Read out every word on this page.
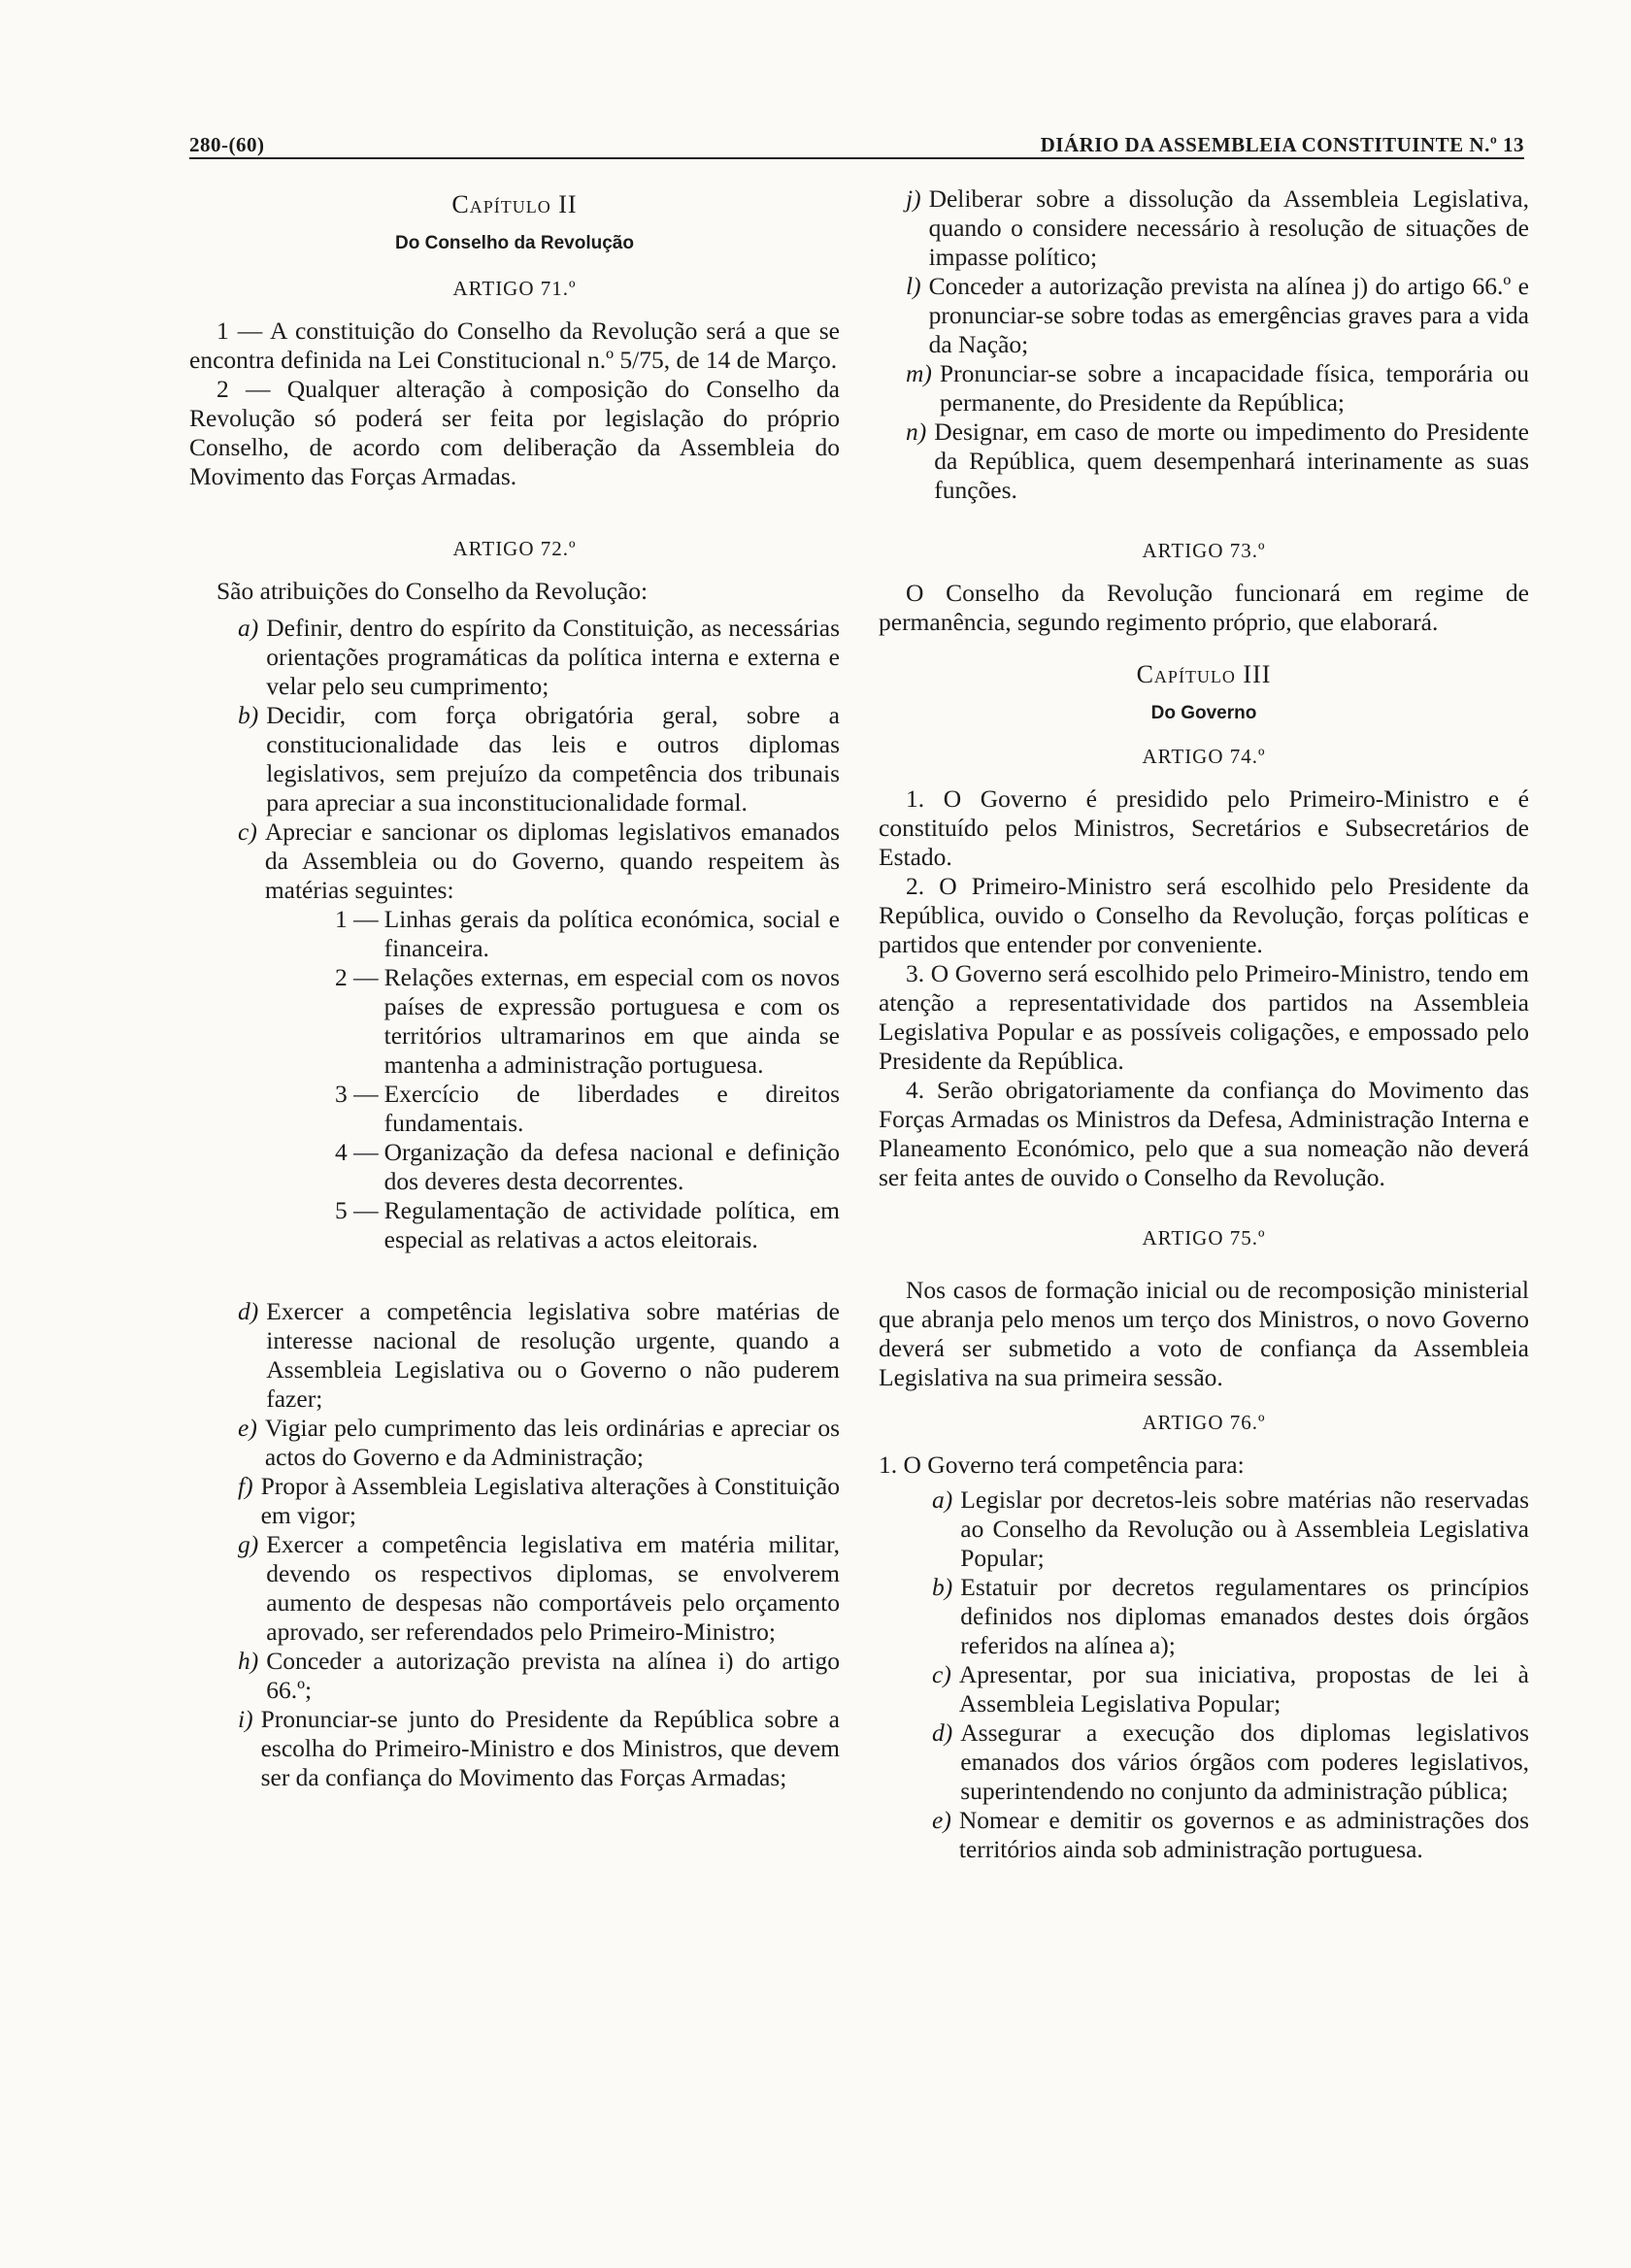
280-(60)	DIÁRIO DA ASSEMBLEIA CONSTITUINTE N.º 13
Capítulo II
Do Conselho da Revolução
ARTIGO 71.º

1 — A constituição do Conselho da Revolução será a que se encontra definida na Lei Constitucional n.º 5/75, de 14 de Março.

2 — Qualquer alteração à composição do Conselho da Revolução só poderá ser feita por legislação do próprio Conselho, de acordo com deliberação da Assembleia do Movimento das Forças Armadas.

ARTIGO 72.º

São atribuições do Conselho da Revolução:

a) Definir, dentro do espírito da Constituição, as necessárias orientações programáticas da política interna e externa e velar pelo seu cumprimento;
b) Decidir, com força obrigatória geral, sobre a constitucionalidade das leis e outros diplomas legislativos, sem prejuízo da competência dos tribunais para apreciar a sua inconstitucionalidade formal.
c) Apreciar e sancionar os diplomas legislativos emanados da Assembleia ou do Governo, quando respeitem às matérias seguintes:
1 — Linhas gerais da política económica, social e financeira.
2 — Relações externas, em especial com os novos países de expressão portuguesa e com os territórios ultramarinos em que ainda se mantenha a administração portuguesa.
3 — Exercício de liberdades e direitos fundamentais.
4 — Organização da defesa nacional e definição dos deveres desta decorrentes.
5 — Regulamentação de actividade política, em especial as relativas a actos eleitorais.
d) Exercer a competência legislativa sobre matérias de interesse nacional de resolução urgente, quando a Assembleia Legislativa ou o Governo o não puderem fazer;
e) Vigiar pelo cumprimento das leis ordinárias e apreciar os actos do Governo e da Administração;
f) Propor à Assembleia Legislativa alterações à Constituição em vigor;
g) Exercer a competência legislativa em matéria militar, devendo os respectivos diplomas, se envolverem aumento de despesas não comportáveis pelo orçamento aprovado, ser referendados pelo Primeiro-Ministro;
h) Conceder a autorização prevista na alínea i) do artigo 66.º;
i) Pronunciar-se junto do Presidente da República sobre a escolha do Primeiro-Ministro e dos Ministros, que devem ser da confiança do Movimento das Forças Armadas;
j) Deliberar sobre a dissolução da Assembleia Legislativa, quando o considere necessário à resolução de situações de impasse político;
l) Conceder a autorização prevista na alínea j) do artigo 66.º e pronunciar-se sobre todas as emergências graves para a vida da Nação;
m) Pronunciar-se sobre a incapacidade física, temporária ou permanente, do Presidente da República;
n) Designar, em caso de morte ou impedimento do Presidente da República, quem desempenhará interinamente as suas funções.
ARTIGO 73.º

O Conselho da Revolução funcionará em regime de permanência, segundo regimento próprio, que elaborará.

Capítulo III
Do Governo
ARTIGO 74.º

1. O Governo é presidido pelo Primeiro-Ministro e é constituído pelos Ministros, Secretários e Subsecretários de Estado.

2. O Primeiro-Ministro será escolhido pelo Presidente da República, ouvido o Conselho da Revolução, forças políticas e partidos que entender por conveniente.

3. O Governo será escolhido pelo Primeiro-Ministro, tendo em atenção a representatividade dos partidos na Assembleia Legislativa Popular e as possíveis coligações, e empossado pelo Presidente da República.

4. Serão obrigatoriamente da confiança do Movimento das Forças Armadas os Ministros da Defesa, Administração Interna e Planeamento Económico, pelo que a sua nomeação não deverá ser feita antes de ouvido o Conselho da Revolução.

ARTIGO 75.º

Nos casos de formação inicial ou de recomposição ministerial que abranja pelo menos um terço dos Ministros, o novo Governo deverá ser submetido a voto de confiança da Assembleia Legislativa na sua primeira sessão.

ARTIGO 76.º

1. O Governo terá competência para:

a) Legislar por decretos-leis sobre matérias não reservadas ao Conselho da Revolução ou à Assembleia Legislativa Popular;
b) Estatuir por decretos regulamentares os princípios definidos nos diplomas emanados destes dois órgãos referidos na alínea a);
c) Apresentar, por sua iniciativa, propostas de lei à Assembleia Legislativa Popular;
d) Assegurar a execução dos diplomas legislativos emanados dos vários órgãos com poderes legislativos, superintendendo no conjunto da administração pública;
e) Nomear e demitir os governos e as administrações dos territórios ainda sob administração portuguesa.
